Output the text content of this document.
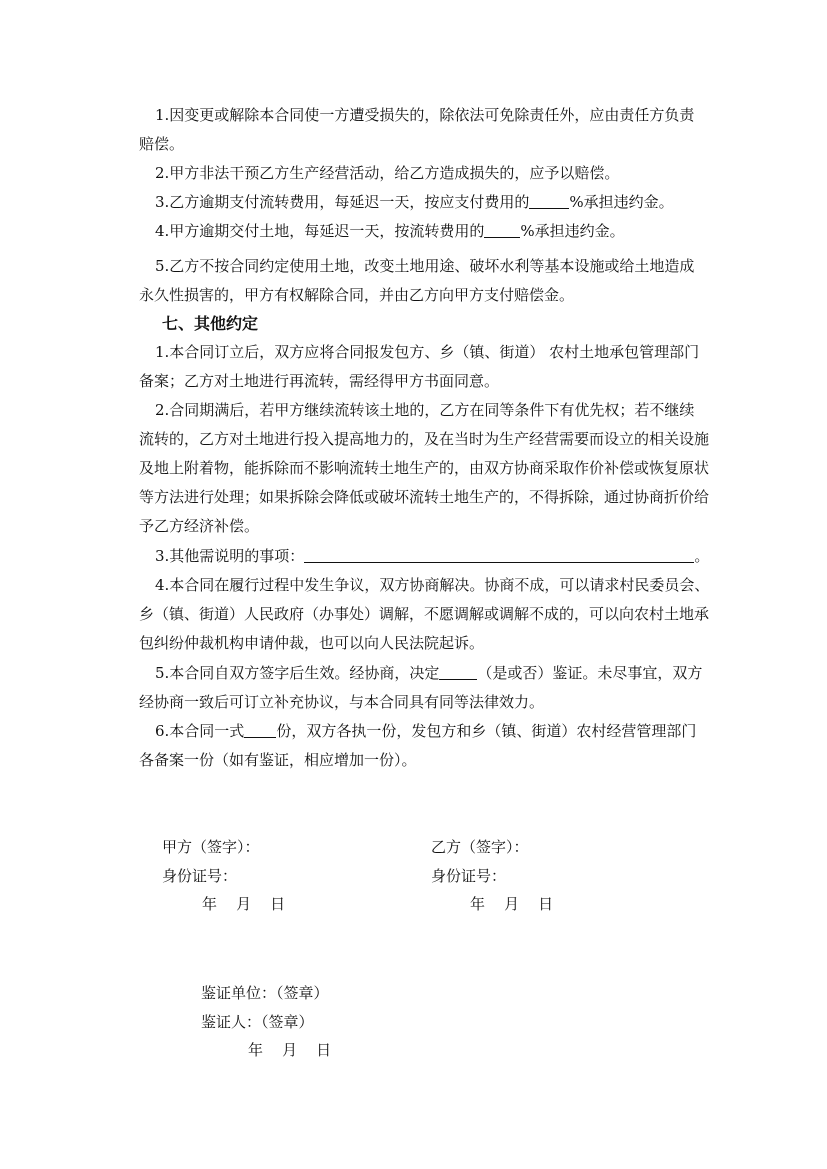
1.因变更或解除本合同使一方遭受损失的，除依法可免除责任外，应由责任方负责
赔偿。

2.甲方非法干预乙方生产经营活动，给乙方造成损失的，应予以赔偿。

3.乙方逾期支付流转费用，每延迟一天，按应支付费用的	%承担违约金。

4.甲方逾期交付土地，每延迟一天，按流转费用的 %承担违约金。

5.乙方不按合同约定使用土地，改变土地用途、破坏水利等基本设施或给土地造成
永久性损害的，甲方有权解除合同，并由乙方向甲方支付赔偿金。

七、其他约定

1.本合同订立后，双方应将合同报发包方、乡（镇、街道） 农村土地承包管理部门
备案；乙方对土地进行再流转，需经得甲方书面同意。

2.合同期满后，若甲方继续流转该土地的，乙方在同等条件下有优先权；若不继续
流转的，乙方对土地进行投入提高地力的，及在当时为生产经营需要而设立的相关设施
及地上附着物，能拆除而不影响流转土地生产的，由双方协商采取作价补偿或恢复原状
等方法进行处理；如果拆除会降低或破坏流转土地生产的，不得拆除，通过协商折价给
予乙方经济补偿。

3.其他需说明的事项：	。

4.本合同在履行过程中发生争议，双方协商解决。协商不成，可以请求村民委员会、
乡（镇、街道）人民政府（办事处）调解，不愿调解或调解不成的，可以向农村土地承
包纠纷仲裁机构申请仲裁，也可以向人民法院起诉。

5.本合同自双方签字后生效。经协商，决定	（是或否）鉴证。未尽事宜，双方
经协商一致后可订立补充协议，与本合同具有同等法律效力。

6.本合同一式 份，双方各执一份，发包方和乡（镇、街道）农村经营管理部门
各备案一份（如有鉴证，相应增加一份）。

甲方（签字）：	乙方（签字）：

身份证号：	身份证号：

年    月    日	年    月    日

鉴证单位：（签章）

鉴证人：（签章）

年    月    日
